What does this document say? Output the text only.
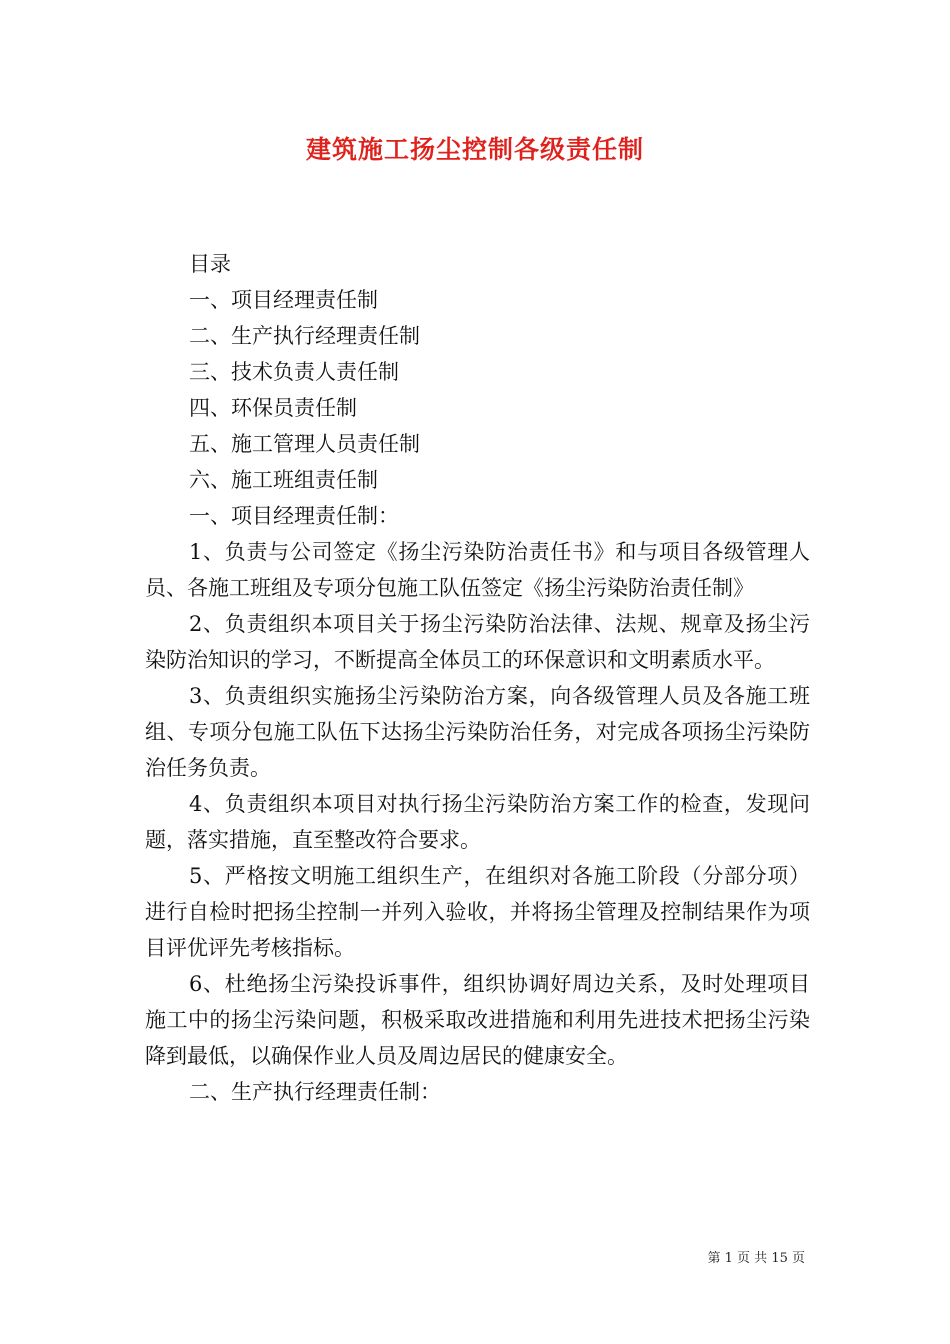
建筑施工扬尘控制各级责任制
目录
一、项目经理责任制
二、生产执行经理责任制
三、技术负责人责任制
四、环保员责任制
五、施工管理人员责任制
六、施工班组责任制
一、项目经理责任制：

1、负责与公司签定《扬尘污染防治责任书》和与项目各级管理人员、各施工班组及专项分包施工队伍签定《扬尘污染防治责任制》

2、负责组织本项目关于扬尘污染防治法律、法规、规章及扬尘污染防治知识的学习，不断提高全体员工的环保意识和文明素质水平。

3、负责组织实施扬尘污染防治方案，向各级管理人员及各施工班组、专项分包施工队伍下达扬尘污染防治任务，对完成各项扬尘污染防治任务负责。

4、负责组织本项目对执行扬尘污染防治方案工作的检查，发现问题，落实措施，直至整改符合要求。

5、严格按文明施工组织生产，在组织对各施工阶段（分部分项）进行自检时把扬尘控制一并列入验收，并将扬尘管理及控制结果作为项目评优评先考核指标。

6、杜绝扬尘污染投诉事件，组织协调好周边关系，及时处理项目施工中的扬尘污染问题，积极采取改进措施和利用先进技术把扬尘污染降到最低，以确保作业人员及周边居民的健康安全。

二、生产执行经理责任制：
第 1 页 共 15 页
